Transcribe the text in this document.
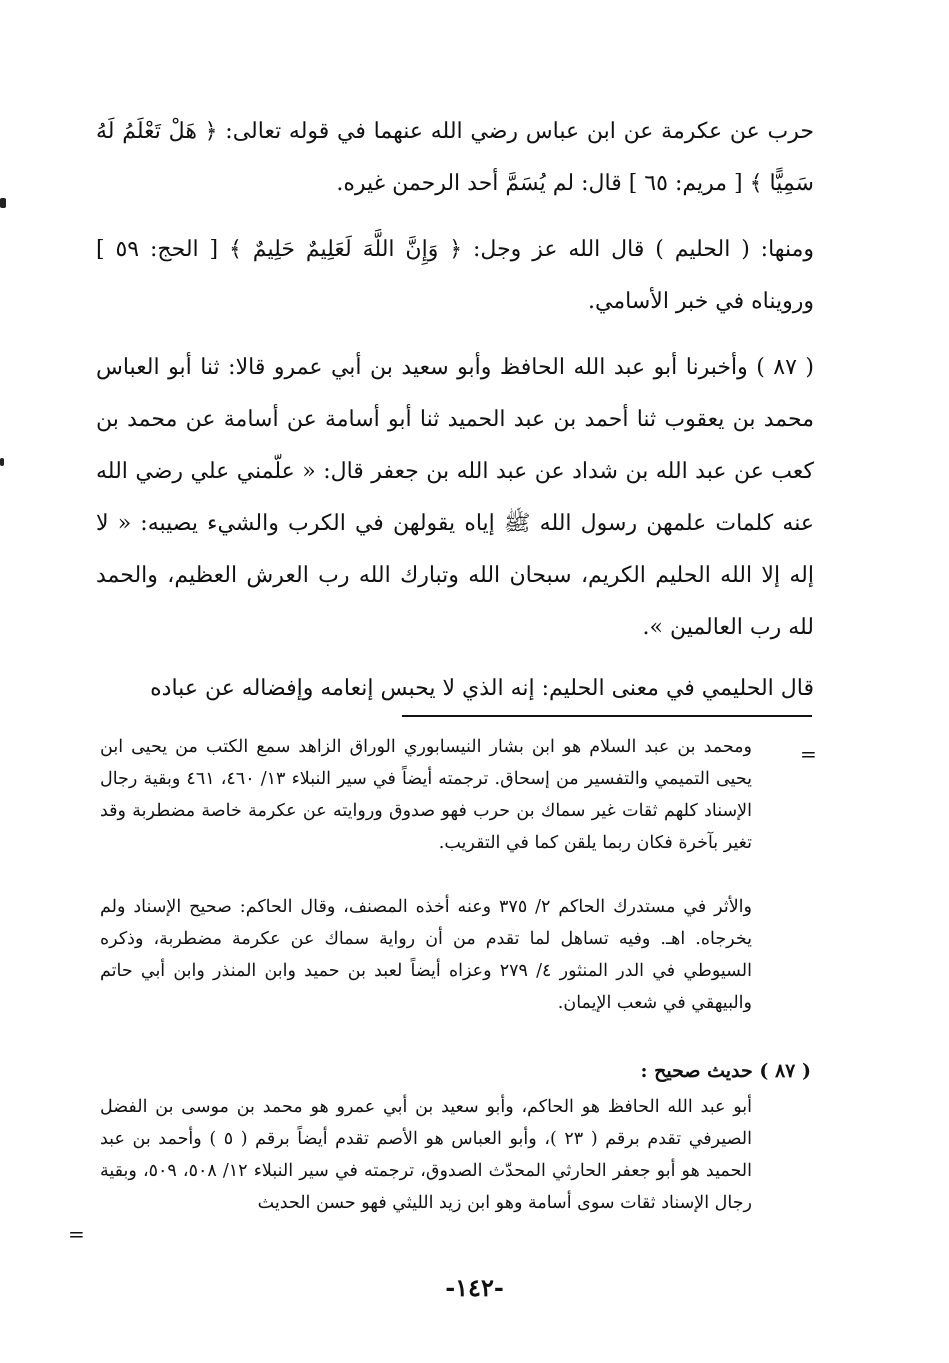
حرب عن عكرمة عن ابن عباس رضي الله عنهما في قوله تعالى: ﴿ هَلْ تَعْلَمُ لَهُ سَمِيًّا ﴾ [ مريم: ٦٥ ] قال: لم يُسَمَّ أحد الرحمن غيره.

ومنها: ( الحليم ) قال الله عز وجل: ﴿ وَإِنَّ اللَّهَ لَعَلِيمٌ حَلِيمٌ ﴾ [ الحج: ٥٩ ] ورويناه في خبر الأسامي.

( ٨٧ ) وأخبرنا أبو عبد الله الحافظ وأبو سعيد بن أبي عمرو قالا: ثنا أبو العباس محمد بن يعقوب ثنا أحمد بن عبد الحميد ثنا أبو أسامة عن أسامة عن محمد بن كعب عن عبد الله بن شداد عن عبد الله بن جعفر قال: « علّمني علي رضي الله عنه كلمات علمهن رسول الله ﷺ إياه يقولهن في الكرب والشيء يصيبه: « لا إله إلا الله الحليم الكريم، سبحان الله وتبارك الله رب العرش العظيم، والحمد لله رب العالمين ».

قال الحليمي في معنى الحليم: إنه الذي لا يحبس إنعامه وإفضاله عن عباده

=

ومحمد بن عبد السلام هو ابن بشار النيسابوري الوراق الزاهد سمع الكتب من يحيى ابن يحيى التميمي والتفسير من إسحاق. ترجمته أيضاً في سير النبلاء ١٣/ ٤٦٠، ٤٦١ وبقية رجال الإسناد كلهم ثقات غير سماك بن حرب فهو صدوق وروايته عن عكرمة خاصة مضطربة وقد تغير بآخرة فكان ربما يلقن كما في التقريب.

والأثر في مستدرك الحاكم ٢/ ٣٧٥ وعنه أخذه المصنف، وقال الحاكم: صحيح الإسناد ولم يخرجاه. اهـ. وفيه تساهل لما تقدم من أن رواية سماك عن عكرمة مضطربة، وذكره السيوطي في الدر المنثور ٤/ ٢٧٩ وعزاه أيضاً لعبد بن حميد وابن المنذر وابن أبي حاتم والبيهقي في شعب الإيمان.

( ٨٧ ) حديث صحيح :

أبو عبد الله الحافظ هو الحاكم، وأبو سعيد بن أبي عمرو هو محمد بن موسى بن الفضل الصيرفي تقدم برقم ( ٢٣ )، وأبو العباس هو الأصم تقدم أيضاً برقم ( ٥ ) وأحمد بن عبد الحميد هو أبو جعفر الحارثي المحدّث الصدوق، ترجمته في سير النبلاء ١٢/ ٥٠٨، ٥٠٩، وبقية رجال الإسناد ثقات سوى أسامة وهو ابن زيد الليثي فهو حسن الحديث

=
-١٤٢-
